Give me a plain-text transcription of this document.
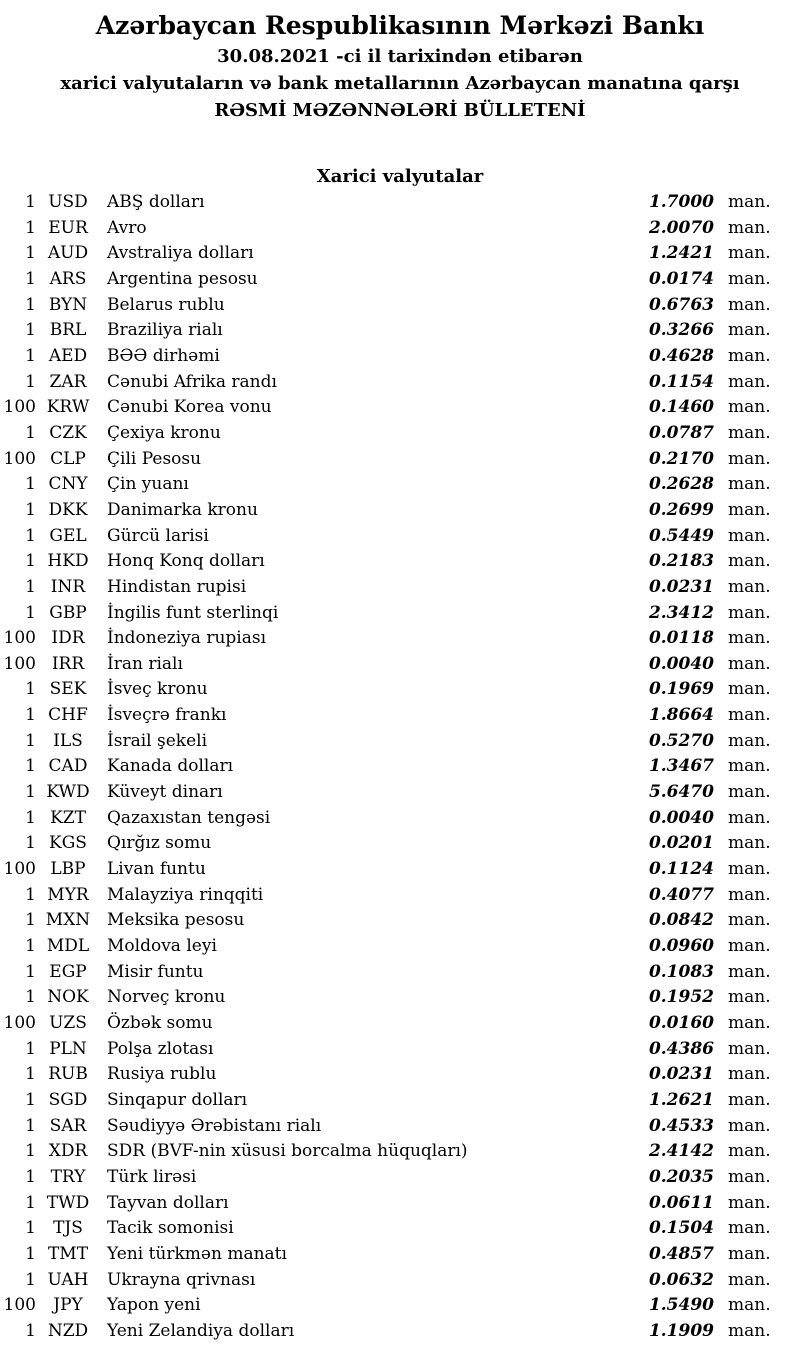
Azərbaycan Respublikasının Mərkəzi Bankı

30.08.2021 -ci il tarixindən etibarən

xarici valyutaların və bank metallarının Azərbaycan manatına qarşı

RƏSMİ MƏZƏNNƏLƏRİ BÜLLETENİ

Xarici valyutalar
1 USD	ABŞ dolları	1.7000 man.
1 EUR	Avro	2.0070 man.
1 AUD	Avstraliya dolları	1.2421 man.
1 ARS	Argentina pesosu	0.0174 man.
1 BYN	Belarus rublu	0.6763 man.
1 BRL	Braziliya rialı	0.3266 man.
1 AED	BƏƏ dirhəmi	0.4628 man.
1 ZAR	Cənubi Afrika randı	0.1154 man.
100 KRW	Cənubi Korea vonu	0.1460 man.
1 CZK	Çexiya kronu	0.0787 man.
100 CLP	Çili Pesosu	0.2170 man.
1 CNY	Çin yuanı	0.2628 man.
1 DKK	Danimarka kronu	0.2699 man.
1 GEL	Gürcü larisi	0.5449 man.
1 HKD	Honq Konq dolları	0.2183 man.
1 INR	Hindistan rupisi	0.0231 man.
1 GBP	İngilis funt sterlinqi	2.3412 man.
100 IDR	İndoneziya rupiası	0.0118 man.
100 IRR	İran rialı	0.0040 man.
1 SEK	İsveç kronu	0.1969 man.
1 CHF	İsveçrə frankı	1.8664 man.
1	ILS	İsrail şekeli	0.5270 man.
1 CAD	Kanada dolları	1.3467 man.
1 KWD	Küveyt dinarı	5.6470 man.
1 KZT	Qazaxıstan tengəsi	0.0040 man.
1 KGS	Qırğız somu	0.0201 man.
100 LBP	Livan funtu	0.1124 man.
1 MYR	Malayziya rinqqiti	0.4077 man.
1 MXN Meksika pesosu	0.0842 man.
1 MDL	Moldova leyi	0.0960 man.
1 EGP	Misir funtu	0.1083 man.
1 NOK	Norveç kronu	0.1952 man.
100 UZS	Özbək somu	0.0160 man.
1 PLN	Polşa zlotası	0.4386 man.
1 RUB	Rusiya rublu	0.0231 man.
1 SGD	Sinqapur dolları	1.2621 man.
1 SAR	Səudiyyə Ərəbistanı rialı	0.4533 man.
1 XDR	SDR (BVF-nin xüsusi borcalma hüquqları)	2.4142 man.
1 TRY	Türk lirəsi	0.2035 man.
1 TWD	Tayvan dolları	0.0611 man.
1	TJS	Tacik somonisi	0.1504 man.
1 TMT	Yeni türkmən manatı	0.4857 man.
1 UAH	Ukrayna qrivnası	0.0632 man.
100	JPY	Yapon yeni	1.5490 man.
1 NZD	Yeni Zelandiya dolları	1.1909 man.
